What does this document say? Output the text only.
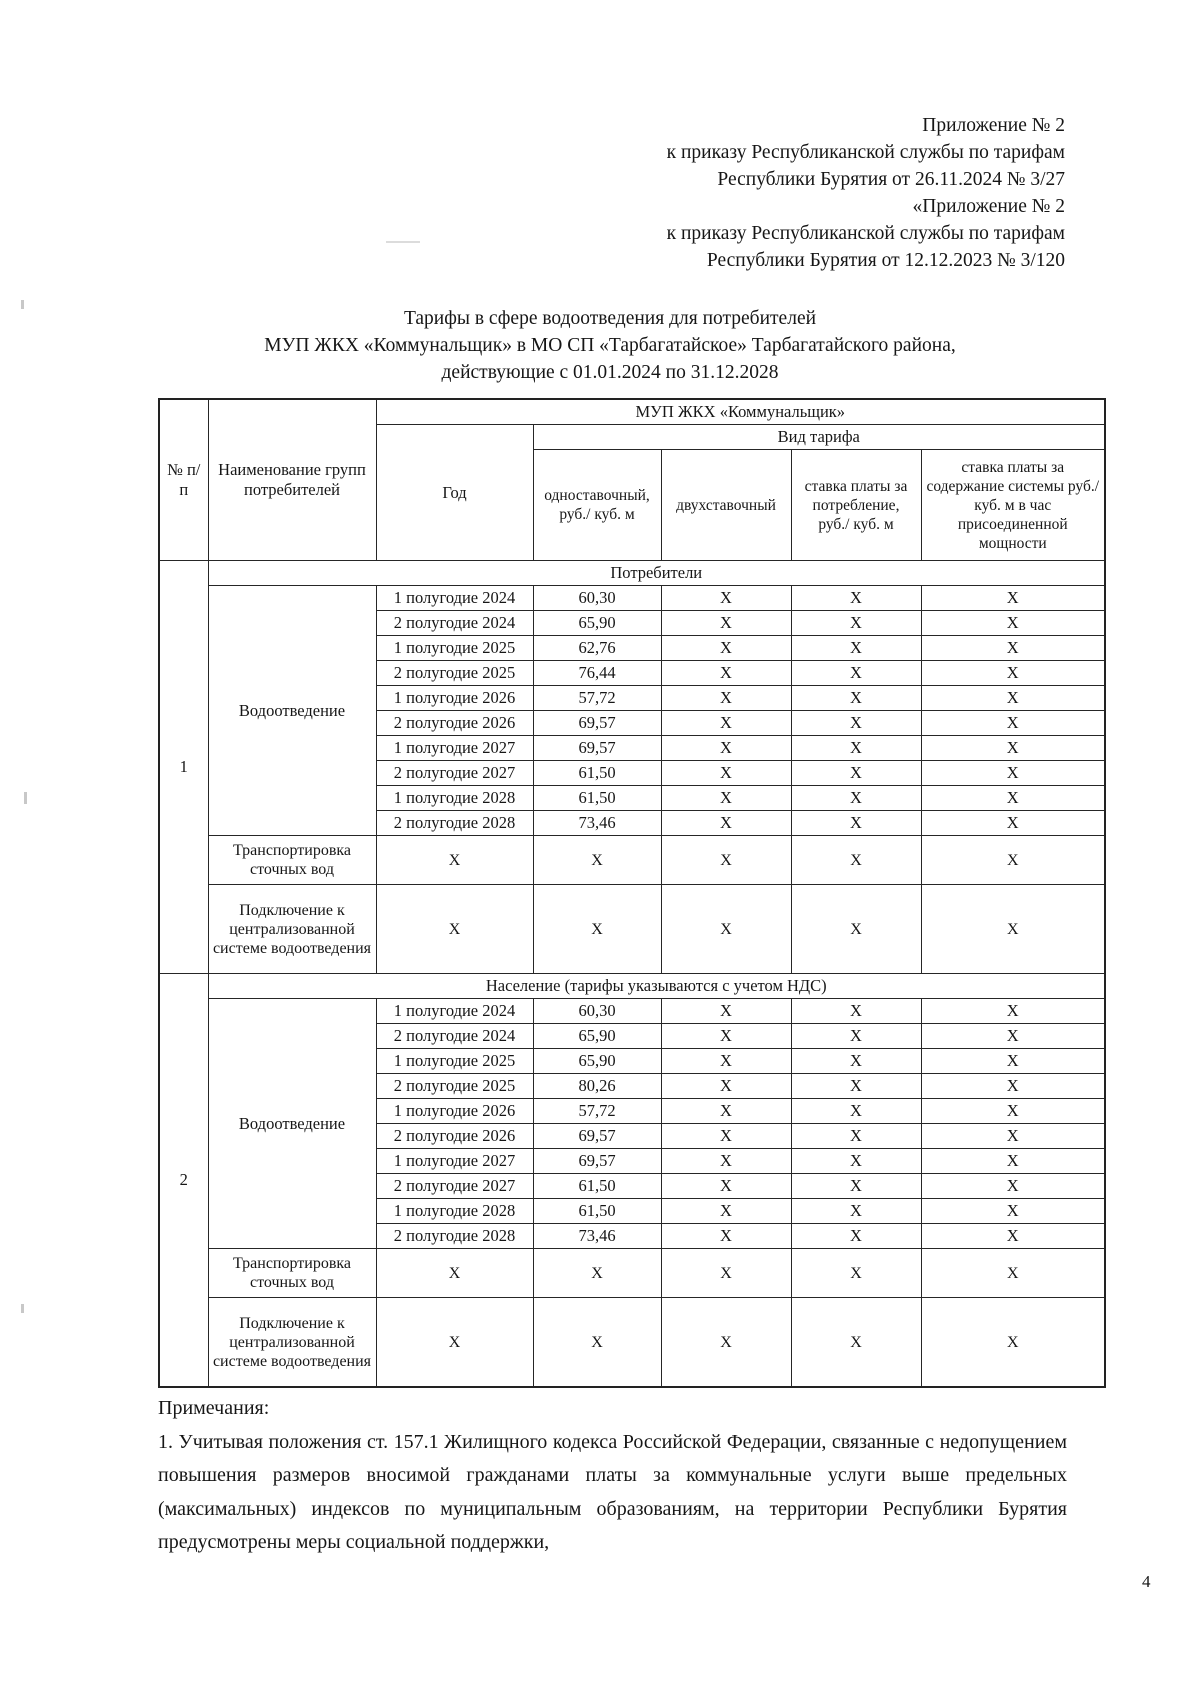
Приложение № 2
к приказу Республиканской службы по тарифам
Республики Бурятия от 26.11.2024 № 3/27
«Приложение № 2
к приказу Республиканской службы по тарифам
Республики Бурятия от 12.12.2023 № 3/120
Тарифы в сфере водоотведения для потребителей
МУП ЖКХ «Коммунальщик» в МО СП «Тарбагатайское» Тарбагатайского района,
действующие с 01.01.2024 по 31.12.2028
№ п/п	Наименование групп потребителей	МУП ЖКХ «Коммунальщик»				
		Год	Вид тарифа			
			одноставочный, руб./ куб. м	двухставочный	ставка платы за потребление, руб./ куб. м	ставка платы за содержание системы руб./куб. м в час присоединенной мощности
1	Потребители					
	Водоотведение	1 полугодие 2024	60,30	X	X	X
		2 полугодие 2024	65,90	X	X	X
		1 полугодие 2025	62,76	X	X	X
		2 полугодие 2025	76,44	X	X	X
		1 полугодие 2026	57,72	X	X	X
		2 полугодие 2026	69,57	X	X	X
		1 полугодие 2027	69,57	X	X	X
		2 полугодие 2027	61,50	X	X	X
		1 полугодие 2028	61,50	X	X	X
		2 полугодие 2028	73,46	X	X	X
	Транспортировка сточных вод	X	X	X	X	X
	Подключение к централизованной системе водоотведения	X	X	X	X	X
2	Население (тарифы указываются с учетом НДС)					
	Водоотведение	1 полугодие 2024	60,30	X	X	X
		2 полугодие 2024	65,90	X	X	X
		1 полугодие 2025	65,90	X	X	X
		2 полугодие 2025	80,26	X	X	X
		1 полугодие 2026	57,72	X	X	X
		2 полугодие 2026	69,57	X	X	X
		1 полугодие 2027	69,57	X	X	X
		2 полугодие 2027	61,50	X	X	X
		1 полугодие 2028	61,50	X	X	X
		2 полугодие 2028	73,46	X	X	X
	Транспортировка сточных вод	X	X	X	X	X
	Подключение к централизованной системе водоотведения	X	X	X	X	X

Примечания:

1. Учитывая положения ст. 157.1 Жилищного кодекса Российской Федерации, связанные с недопущением повышения размеров вносимой гражданами платы за коммунальные услуги выше предельных (максимальных) индексов по муниципальным образованиям, на территории Республики Бурятия предусмотрены меры социальной поддержки,

4
